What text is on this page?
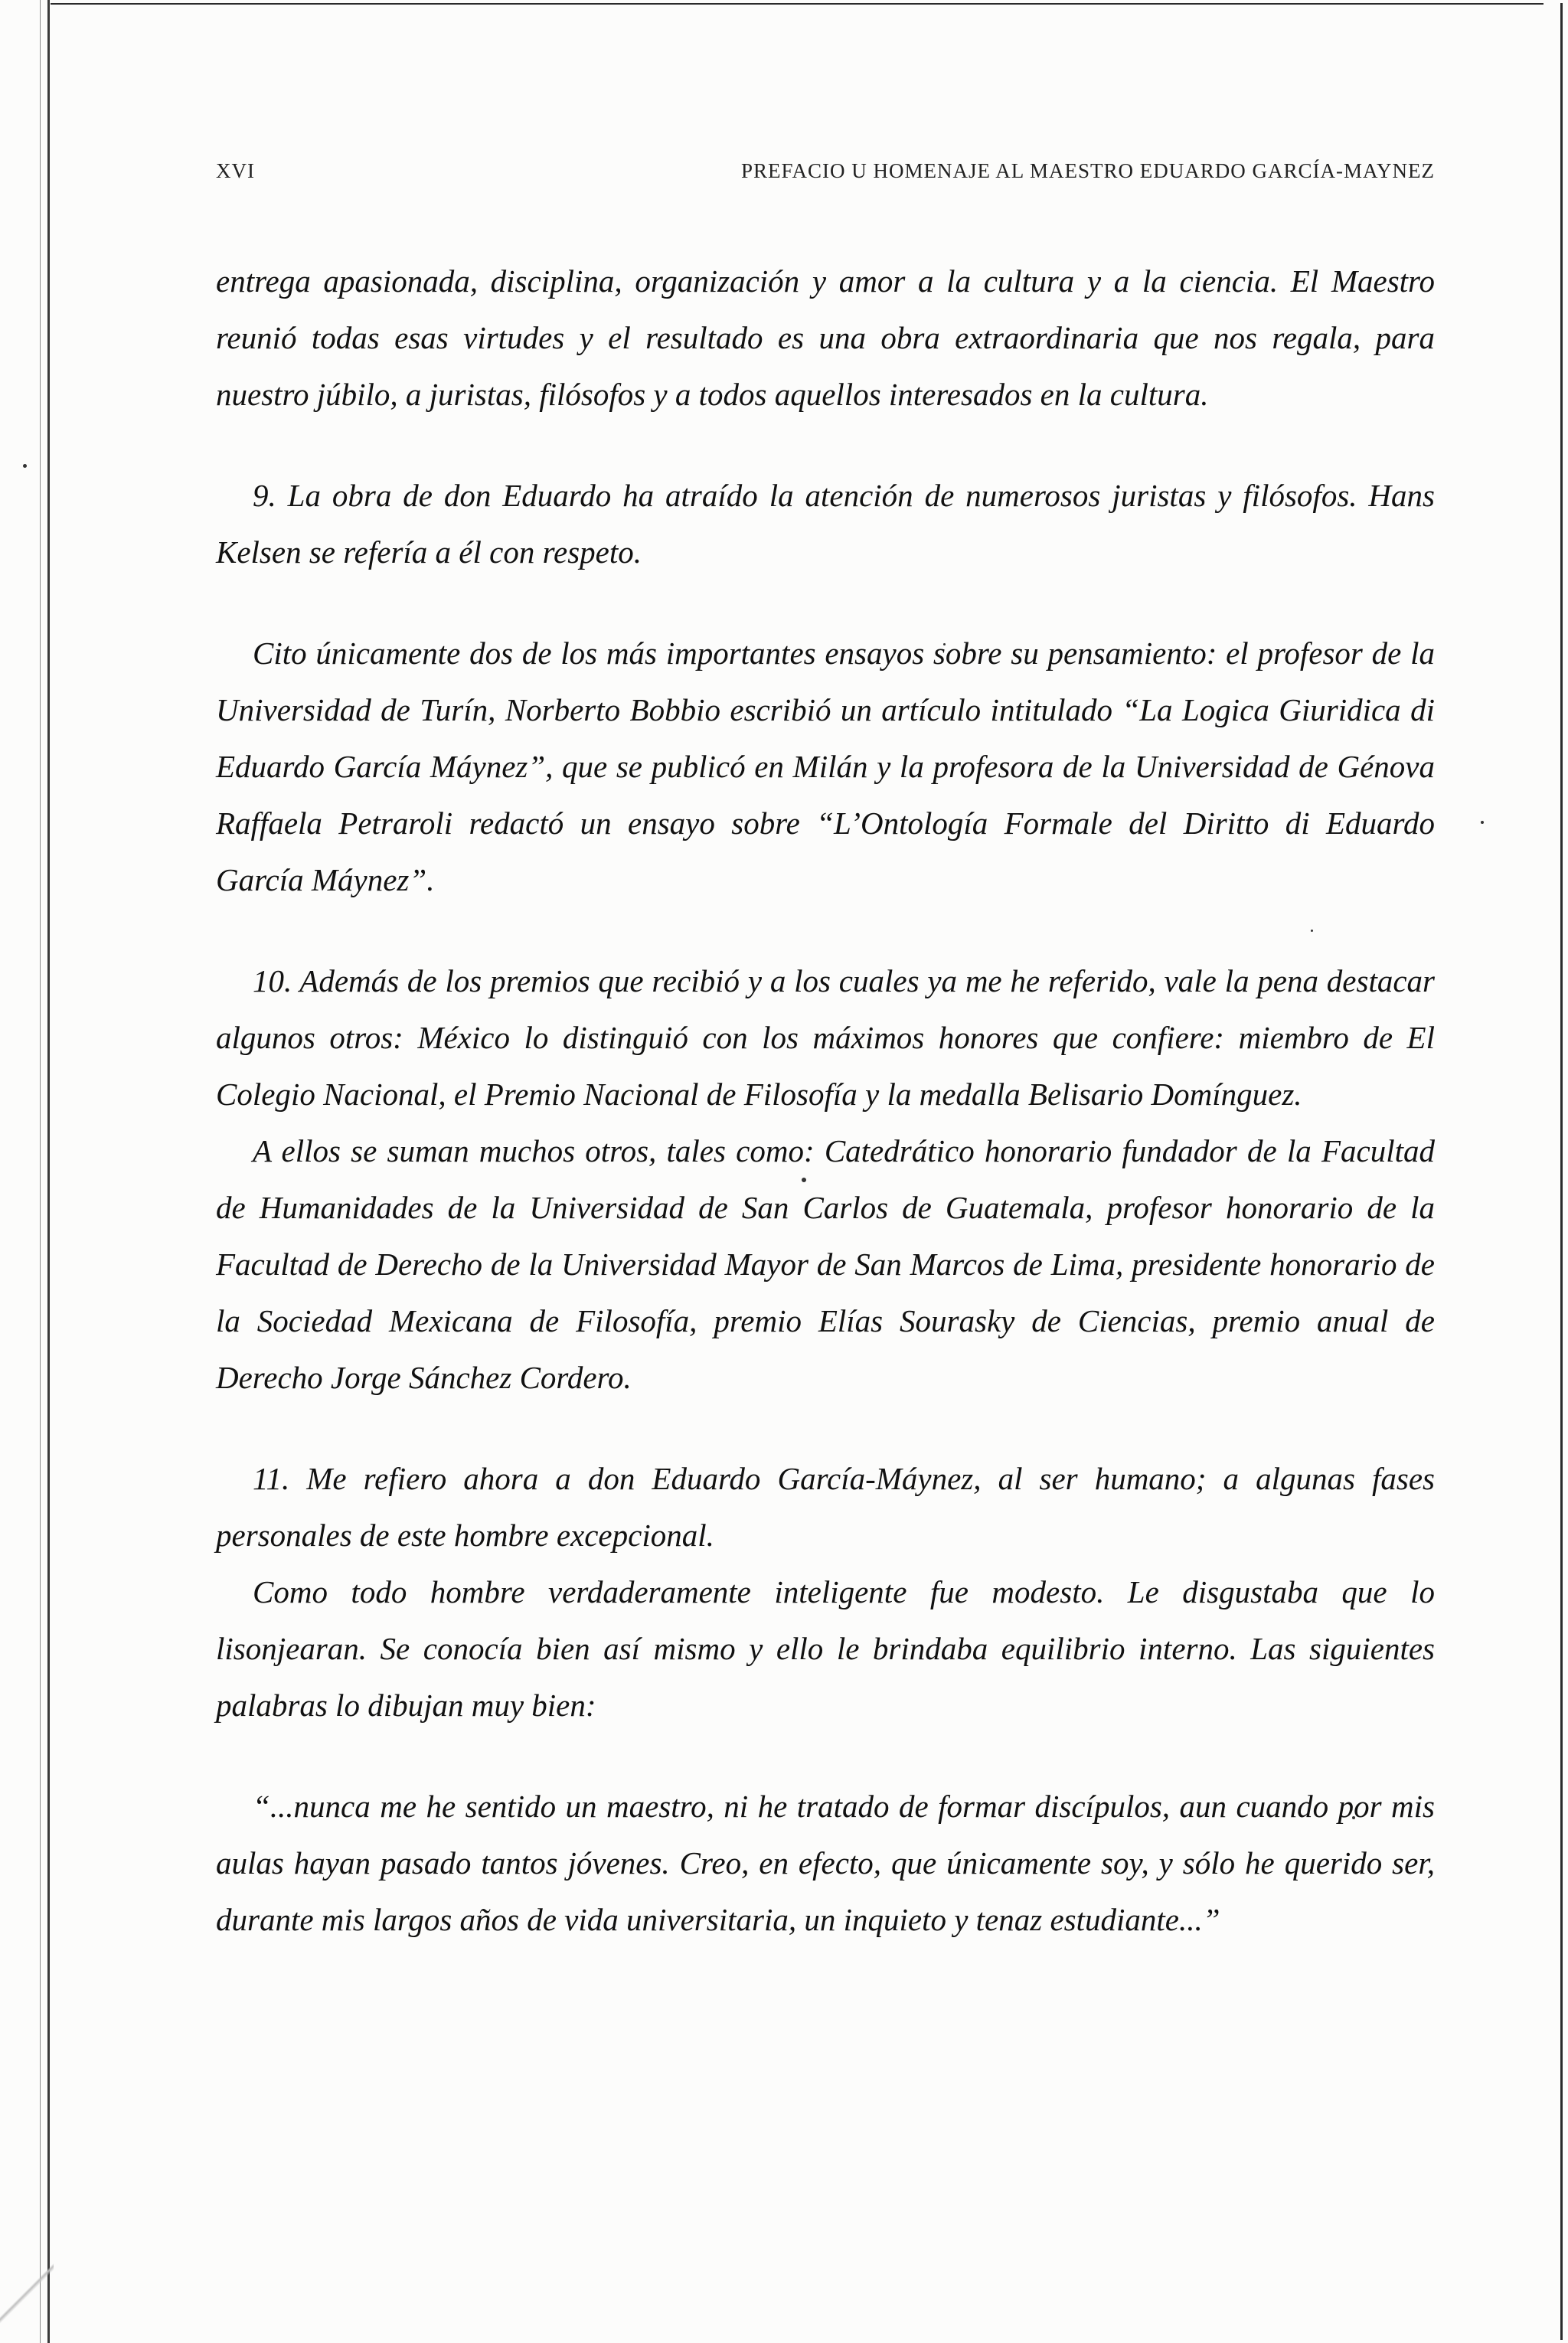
XVI	PREFACIO U HOMENAJE AL MAESTRO EDUARDO GARCÍA-MAYNEZ

entrega apasionada, disciplina, organización y amor a la cultura y a la ciencia. El Maestro reunió todas esas virtudes y el resultado es una obra extraordinaria que nos regala, para nuestro júbilo, a juristas, filósofos y a todos aquellos interesados en la cultura.

9. La obra de don Eduardo ha atraído la atención de numerosos juristas y filósofos. Hans Kelsen se refería a él con respeto.

Cito únicamente dos de los más importantes ensayos sobre su pensamiento: el profesor de la Universidad de Turín, Norberto Bobbio escribió un artículo intitulado “La Logica Giuridica di Eduardo García Máynez”, que se publicó en Milán y la profesora de la Universidad de Génova Raffaela Petraroli redactó un ensayo sobre “L’Ontología Formale del Diritto di Eduardo García Máynez”.

10. Además de los premios que recibió y a los cuales ya me he referido, vale la pena destacar algunos otros: México lo distinguió con los máximos honores que confiere: miembro de El Colegio Nacional, el Premio Nacional de Filosofía y la medalla Belisario Domínguez.

A ellos se suman muchos otros, tales como: Catedrático honorario fundador de la Facultad de Humanidades de la Universidad de San Carlos de Guatemala, profesor honorario de la Facultad de Derecho de la Universidad Mayor de San Marcos de Lima, presidente honorario de la Sociedad Mexicana de Filosofía, premio Elías Sourasky de Ciencias, premio anual de Derecho Jorge Sánchez Cordero.

11. Me refiero ahora a don Eduardo García-Máynez, al ser humano; a algunas fases personales de este hombre excepcional.

Como todo hombre verdaderamente inteligente fue modesto. Le disgustaba que lo lisonjearan. Se conocía bien así mismo y ello le brindaba equilibrio interno. Las siguientes palabras lo dibujan muy bien:

“...nunca me he sentido un maestro, ni he tratado de formar discípulos, aun cuando por mis aulas hayan pasado tantos jóvenes. Creo, en efecto, que únicamente soy, y sólo he querido ser, durante mis largos años de vida universitaria, un inquieto y tenaz estudiante...”
